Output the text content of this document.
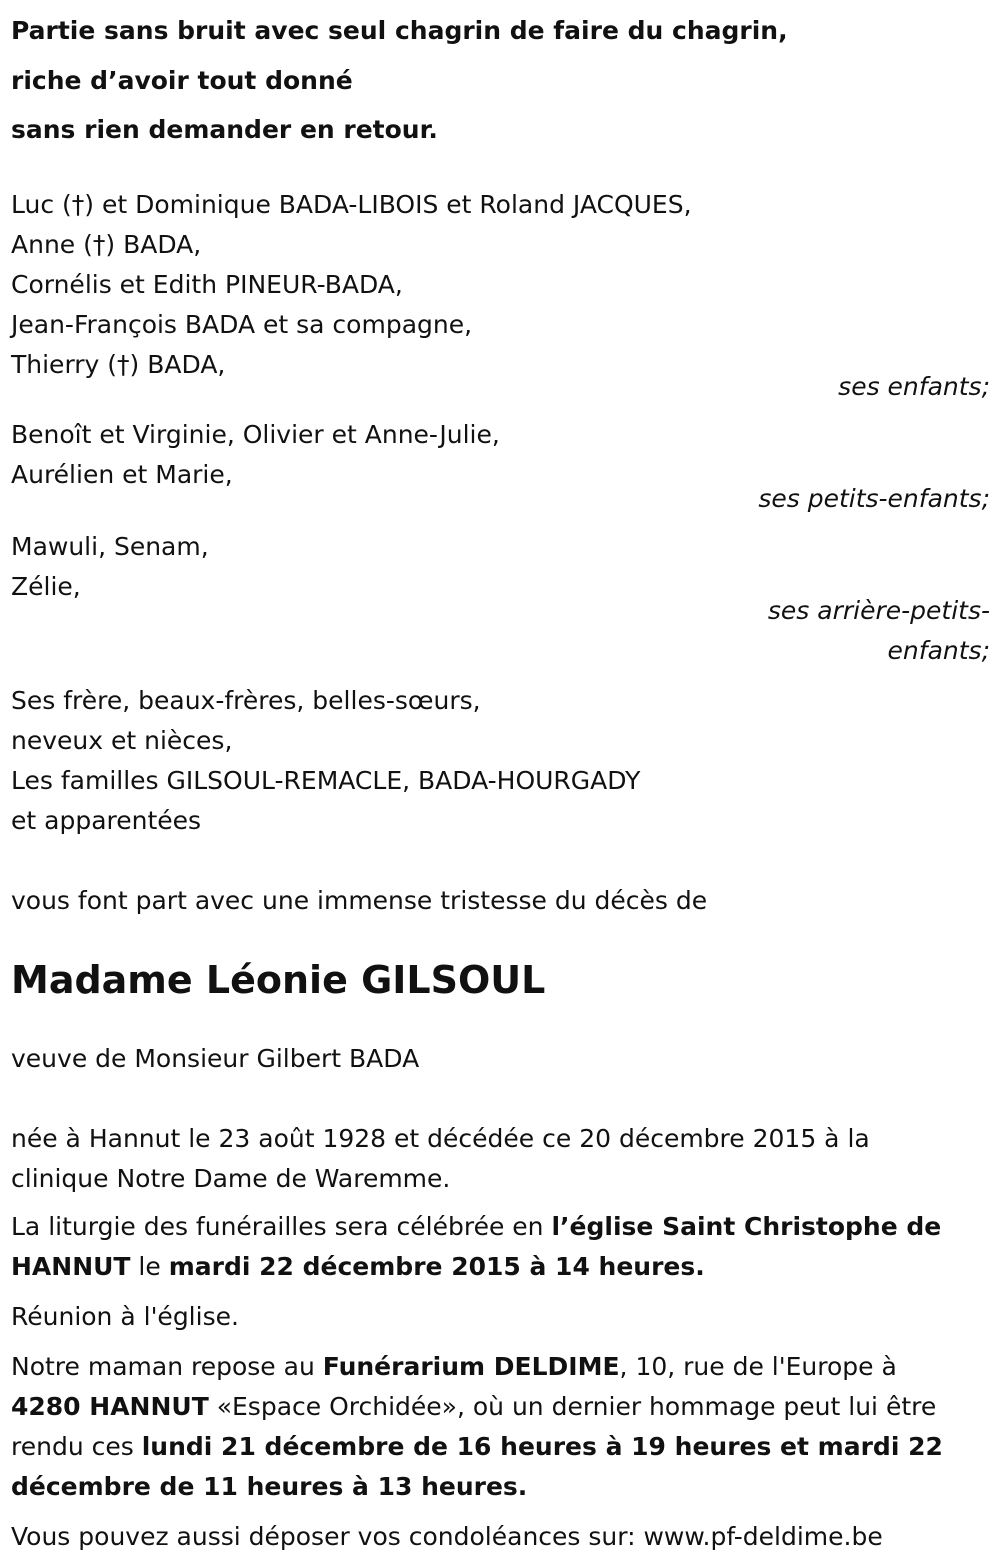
Partie sans bruit avec seul chagrin de faire du chagrin,
riche d’avoir tout donné
sans rien demander en retour.
Luc (†) et Dominique BADA-LIBOIS et Roland JACQUES,
Anne (†) BADA,
Cornélis et Edith PINEUR-BADA,
Jean-François BADA et sa compagne,
Thierry (†) BADA,
ses enfants;
Benoît et Virginie, Olivier et Anne-Julie,
Aurélien et Marie,
ses petits-enfants;
Mawuli, Senam,
Zélie,
ses arrière-petits-
enfants;
Ses frère, beaux-frères, belles-sœurs,
neveux et nièces,
Les familles GILSOUL-REMACLE, BADA-HOURGADY
et apparentées
vous font part avec une immense tristesse du décès de
Madame Léonie GILSOUL
veuve de Monsieur Gilbert BADA
née à Hannut le 23 août 1928 et décédée ce 20 décembre 2015 à la
clinique Notre Dame de Waremme.
La liturgie des funérailles sera célébrée en l’église Saint Christophe de
HANNUT le mardi 22 décembre 2015 à 14 heures.
Réunion à l'église.
Notre maman repose au Funérarium DELDIME, 10, rue de l'Europe à
4280 HANNUT «Espace Orchidée», où un dernier hommage peut lui être
rendu ces lundi 21 décembre de 16 heures à 19 heures et mardi 22
décembre de 11 heures à 13 heures.
Vous pouvez aussi déposer vos condoléances sur: www.pf-deldime.be
